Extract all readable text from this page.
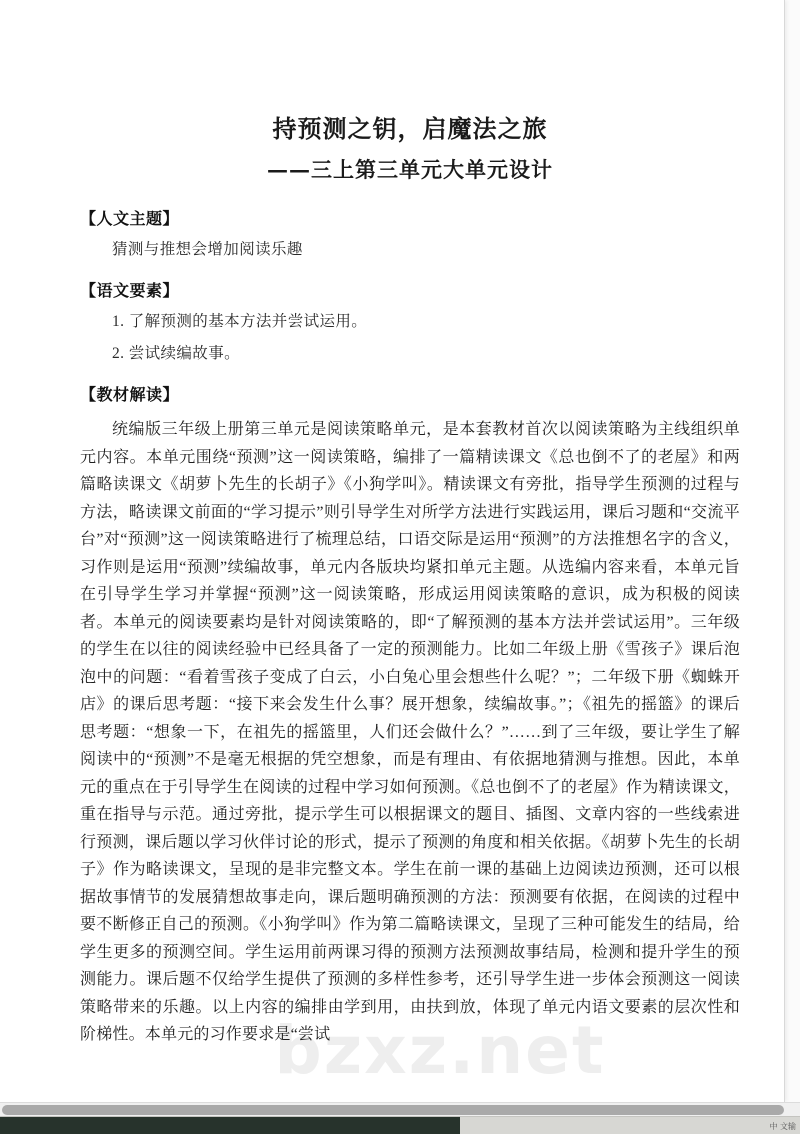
bzxz.net
持预测之钥，启魔法之旅
——三上第三单元大单元设计
【人文主题】
猜测与推想会增加阅读乐趣
【语文要素】
1. 了解预测的基本方法并尝试运用。
2. 尝试续编故事。
【教材解读】
统编版三年级上册第三单元是阅读策略单元，是本套教材首次以阅读策略为主线组织单元内容。本单元围绕“预测”这一阅读策略，编排了一篇精读课文《总也倒不了的老屋》和两篇略读课文《胡萝卜先生的长胡子》《小狗学叫》。精读课文有旁批，指导学生预测的过程与方法，略读课文前面的“学习提示”则引导学生对所学方法进行实践运用，课后习题和“交流平台”对“预测”这一阅读策略进行了梳理总结，口语交际是运用“预测”的方法推想名字的含义，习作则是运用“预测”续编故事，单元内各版块均紧扣单元主题。从选编内容来看，本单元旨在引导学生学习并掌握“预测”这一阅读策略，形成运用阅读策略的意识，成为积极的阅读者。本单元的阅读要素均是针对阅读策略的，即“了解预测的基本方法并尝试运用”。三年级的学生在以往的阅读经验中已经具备了一定的预测能力。比如二年级上册《雪孩子》课后泡泡中的问题：“看着雪孩子变成了白云，小白兔心里会想些什么呢？”；二年级下册《蜘蛛开店》的课后思考题：“接下来会发生什么事？展开想象，续编故事。”；《祖先的摇篮》的课后思考题：“想象一下，在祖先的摇篮里，人们还会做什么？”……到了三年级，要让学生了解阅读中的“预测”不是毫无根据的凭空想象，而是有理由、有依据地猜测与推想。因此，本单元的重点在于引导学生在阅读的过程中学习如何预测。《总也倒不了的老屋》作为精读课文，重在指导与示范。通过旁批，提示学生可以根据课文的题目、插图、文章内容的一些线索进行预测，课后题以学习伙伴讨论的形式，提示了预测的角度和相关依据。《胡萝卜先生的长胡子》作为略读课文，呈现的是非完整文本。学生在前一课的基础上边阅读边预测，还可以根据故事情节的发展猜想故事走向，课后题明确预测的方法：预测要有依据，在阅读的过程中要不断修正自己的预测。《小狗学叫》作为第二篇略读课文，呈现了三种可能发生的结局，给学生更多的预测空间。学生运用前两课习得的预测方法预测故事结局，检测和提升学生的预测能力。课后题不仅给学生提供了预测的多样性参考，还引导学生进一步体会预测这一阅读策略带来的乐趣。以上内容的编排由学到用，由扶到放，体现了单元内语文要素的层次性和阶梯性。本单元的习作要求是“尝试
中 文输
